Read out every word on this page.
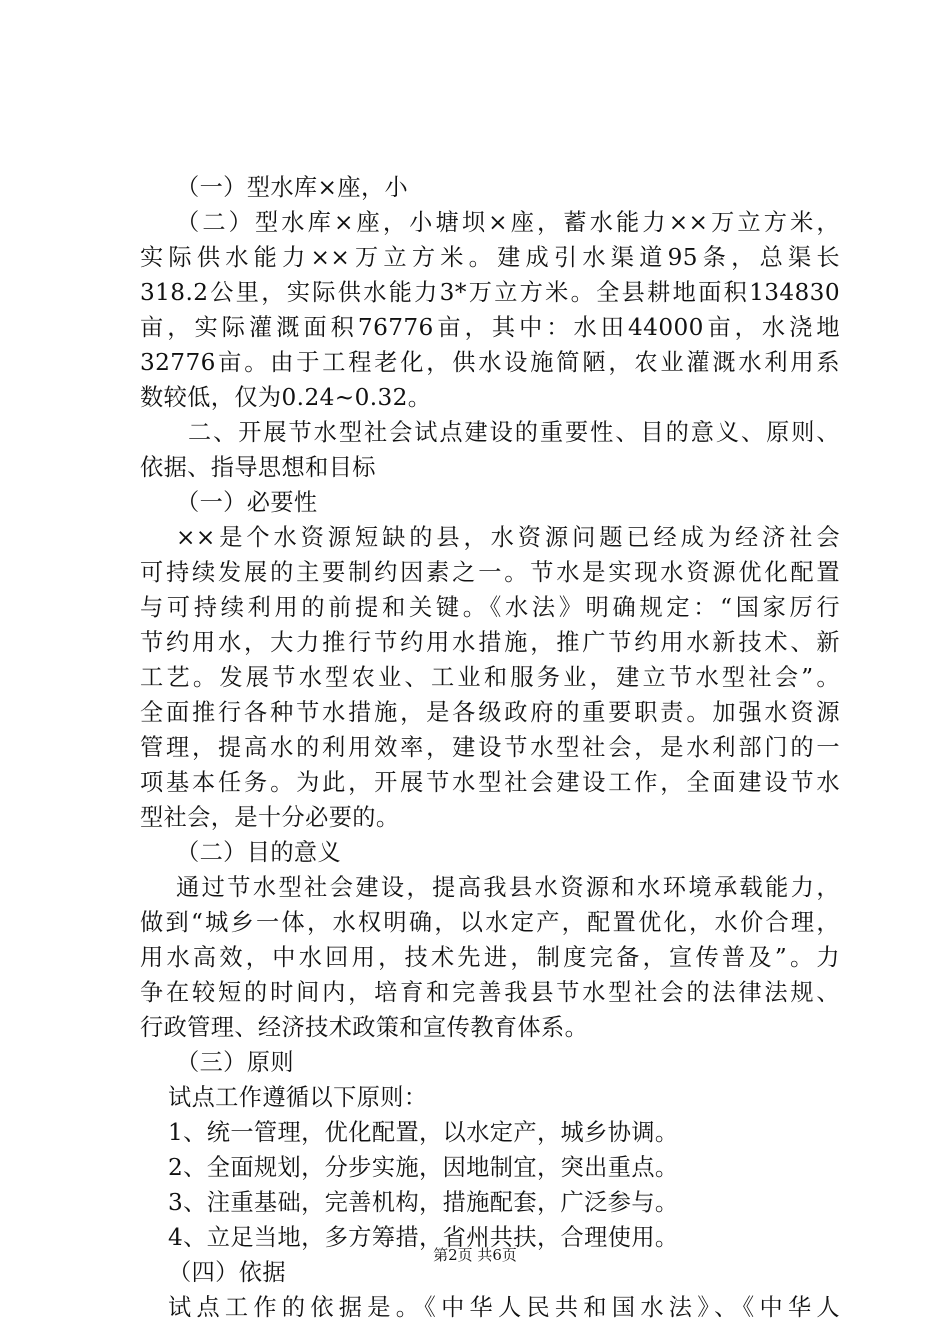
（一）型水库×座，小

（二）型水库×座，小塘坝×座，蓄水能力××万立方米，

实际供水能力××万立方米。建成引水渠道95条，总渠长

318.2公里，实际供水能力3*万立方米。全县耕地面积134830

亩，实际灌溉面积76776亩，其中：水田44000亩，水浇地

32776亩。由于工程老化，供水设施简陋，农业灌溉水利用系

数较低，仅为0.24~0.32。

二、开展节水型社会试点建设的重要性、目的意义、原则、

依据、指导思想和目标

（一）必要性

××是个水资源短缺的县，水资源问题已经成为经济社会

可持续发展的主要制约因素之一。节水是实现水资源优化配置

与可持续利用的前提和关键。《水法》明确规定：“国家厉行

节约用水，大力推行节约用水措施，推广节约用水新技术、新

工艺。发展节水型农业、工业和服务业，建立节水型社会”。

全面推行各种节水措施，是各级政府的重要职责。加强水资源

管理，提高水的利用效率，建设节水型社会，是水利部门的一

项基本任务。为此，开展节水型社会建设工作，全面建设节水

型社会，是十分必要的。

（二）目的意义

通过节水型社会建设，提高我县水资源和水环境承载能力，

做到“城乡一体，水权明确，以水定产，配置优化，水价合理，

用水高效，中水回用，技术先进，制度完备，宣传普及”。力

争在较短的时间内，培育和完善我县节水型社会的法律法规、

行政管理、经济技术政策和宣传教育体系。

（三）原则

试点工作遵循以下原则：

1、统一管理，优化配置，以水定产，城乡协调。

2、全面规划，分步实施，因地制宜，突出重点。

3、注重基础，完善机构，措施配套，广泛参与。

4、立足当地，多方筹措，省州共扶，合理使用。

（四）依据

试点工作的依据是。《中华人民共和国水法》、《中华人

第2页 共6页
